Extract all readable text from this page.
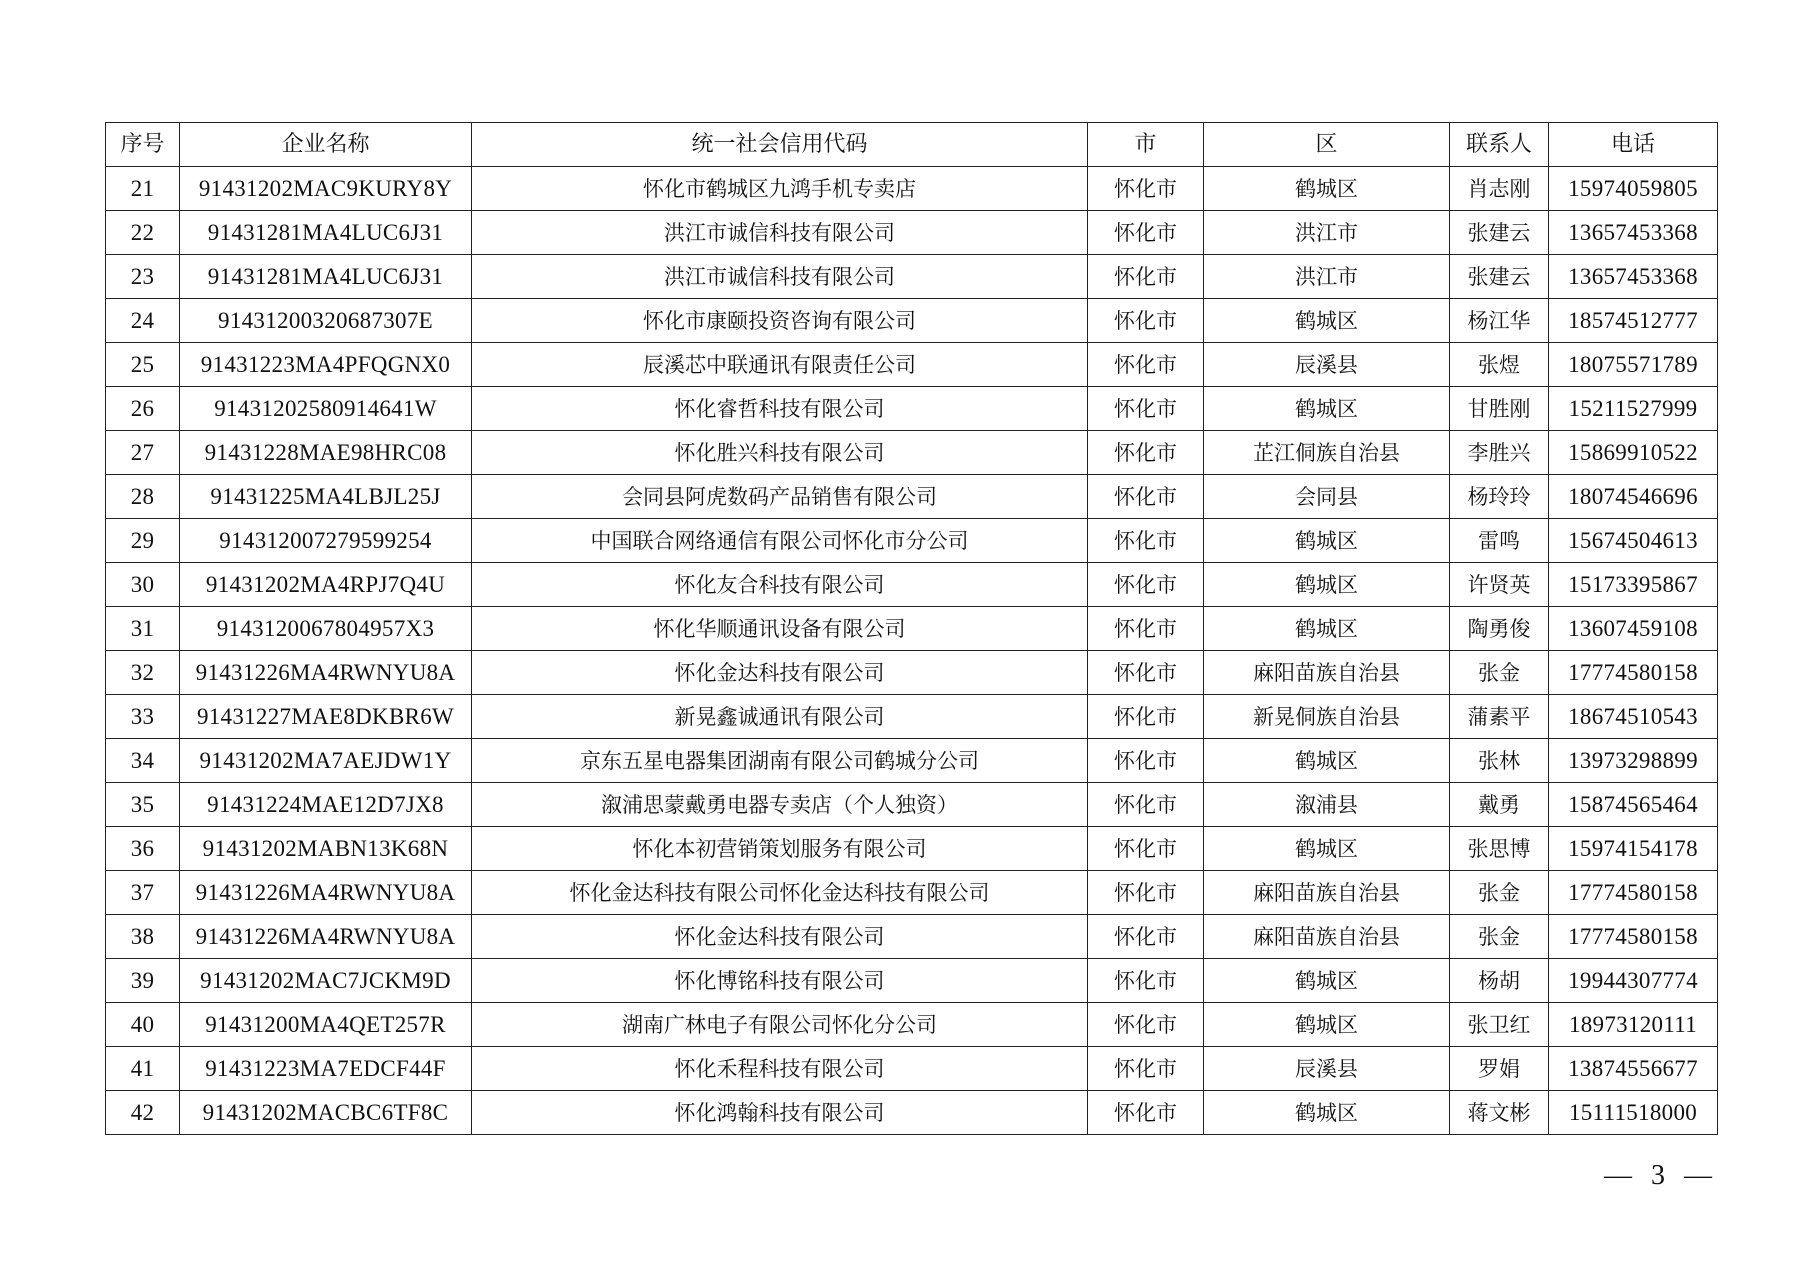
序号	企业名称	统一社会信用代码	市	区	联系人	电话
21	91431202MAC9KURY8Y	怀化市鹤城区九鸿手机专卖店	怀化市	鹤城区	肖志刚	15974059805
22	91431281MA4LUC6J31	洪江市诚信科技有限公司	怀化市	洪江市	张建云	13657453368
23	91431281MA4LUC6J31	洪江市诚信科技有限公司	怀化市	洪江市	张建云	13657453368
24	91431200320687307E	怀化市康颐投资咨询有限公司	怀化市	鹤城区	杨江华	18574512777
25	91431223MA4PFQGNX0	辰溪芯中联通讯有限责任公司	怀化市	辰溪县	张煜	18075571789
26	91431202580914641W	怀化睿哲科技有限公司	怀化市	鹤城区	甘胜刚	15211527999
27	91431228MAE98HRC08	怀化胜兴科技有限公司	怀化市	芷江侗族自治县	李胜兴	15869910522
28	91431225MA4LBJL25J	会同县阿虎数码产品销售有限公司	怀化市	会同县	杨玲玲	18074546696
29	914312007279599254	中国联合网络通信有限公司怀化市分公司	怀化市	鹤城区	雷鸣	15674504613
30	91431202MA4RPJ7Q4U	怀化友合科技有限公司	怀化市	鹤城区	许贤英	15173395867
31	9143120067804957X3	怀化华顺通讯设备有限公司	怀化市	鹤城区	陶勇俊	13607459108
32	91431226MA4RWNYU8A	怀化金达科技有限公司	怀化市	麻阳苗族自治县	张金	17774580158
33	91431227MAE8DKBR6W	新晃鑫诚通讯有限公司	怀化市	新晃侗族自治县	蒲素平	18674510543
34	91431202MA7AEJDW1Y	京东五星电器集团湖南有限公司鹤城分公司	怀化市	鹤城区	张林	13973298899
35	91431224MAE12D7JX8	溆浦思蒙戴勇电器专卖店（个人独资）	怀化市	溆浦县	戴勇	15874565464
36	91431202MABN13K68N	怀化本初营销策划服务有限公司	怀化市	鹤城区	张思博	15974154178
37	91431226MA4RWNYU8A	怀化金达科技有限公司怀化金达科技有限公司	怀化市	麻阳苗族自治县	张金	17774580158
38	91431226MA4RWNYU8A	怀化金达科技有限公司	怀化市	麻阳苗族自治县	张金	17774580158
39	91431202MAC7JCKM9D	怀化博铭科技有限公司	怀化市	鹤城区	杨胡	19944307774
40	91431200MA4QET257R	湖南广林电子有限公司怀化分公司	怀化市	鹤城区	张卫红	18973120111
41	91431223MA7EDCF44F	怀化禾程科技有限公司	怀化市	辰溪县	罗娟	13874556677
42	91431202MACBC6TF8C	怀化鸿翰科技有限公司	怀化市	鹤城区	蒋文彬	15111518000
— 3 —
